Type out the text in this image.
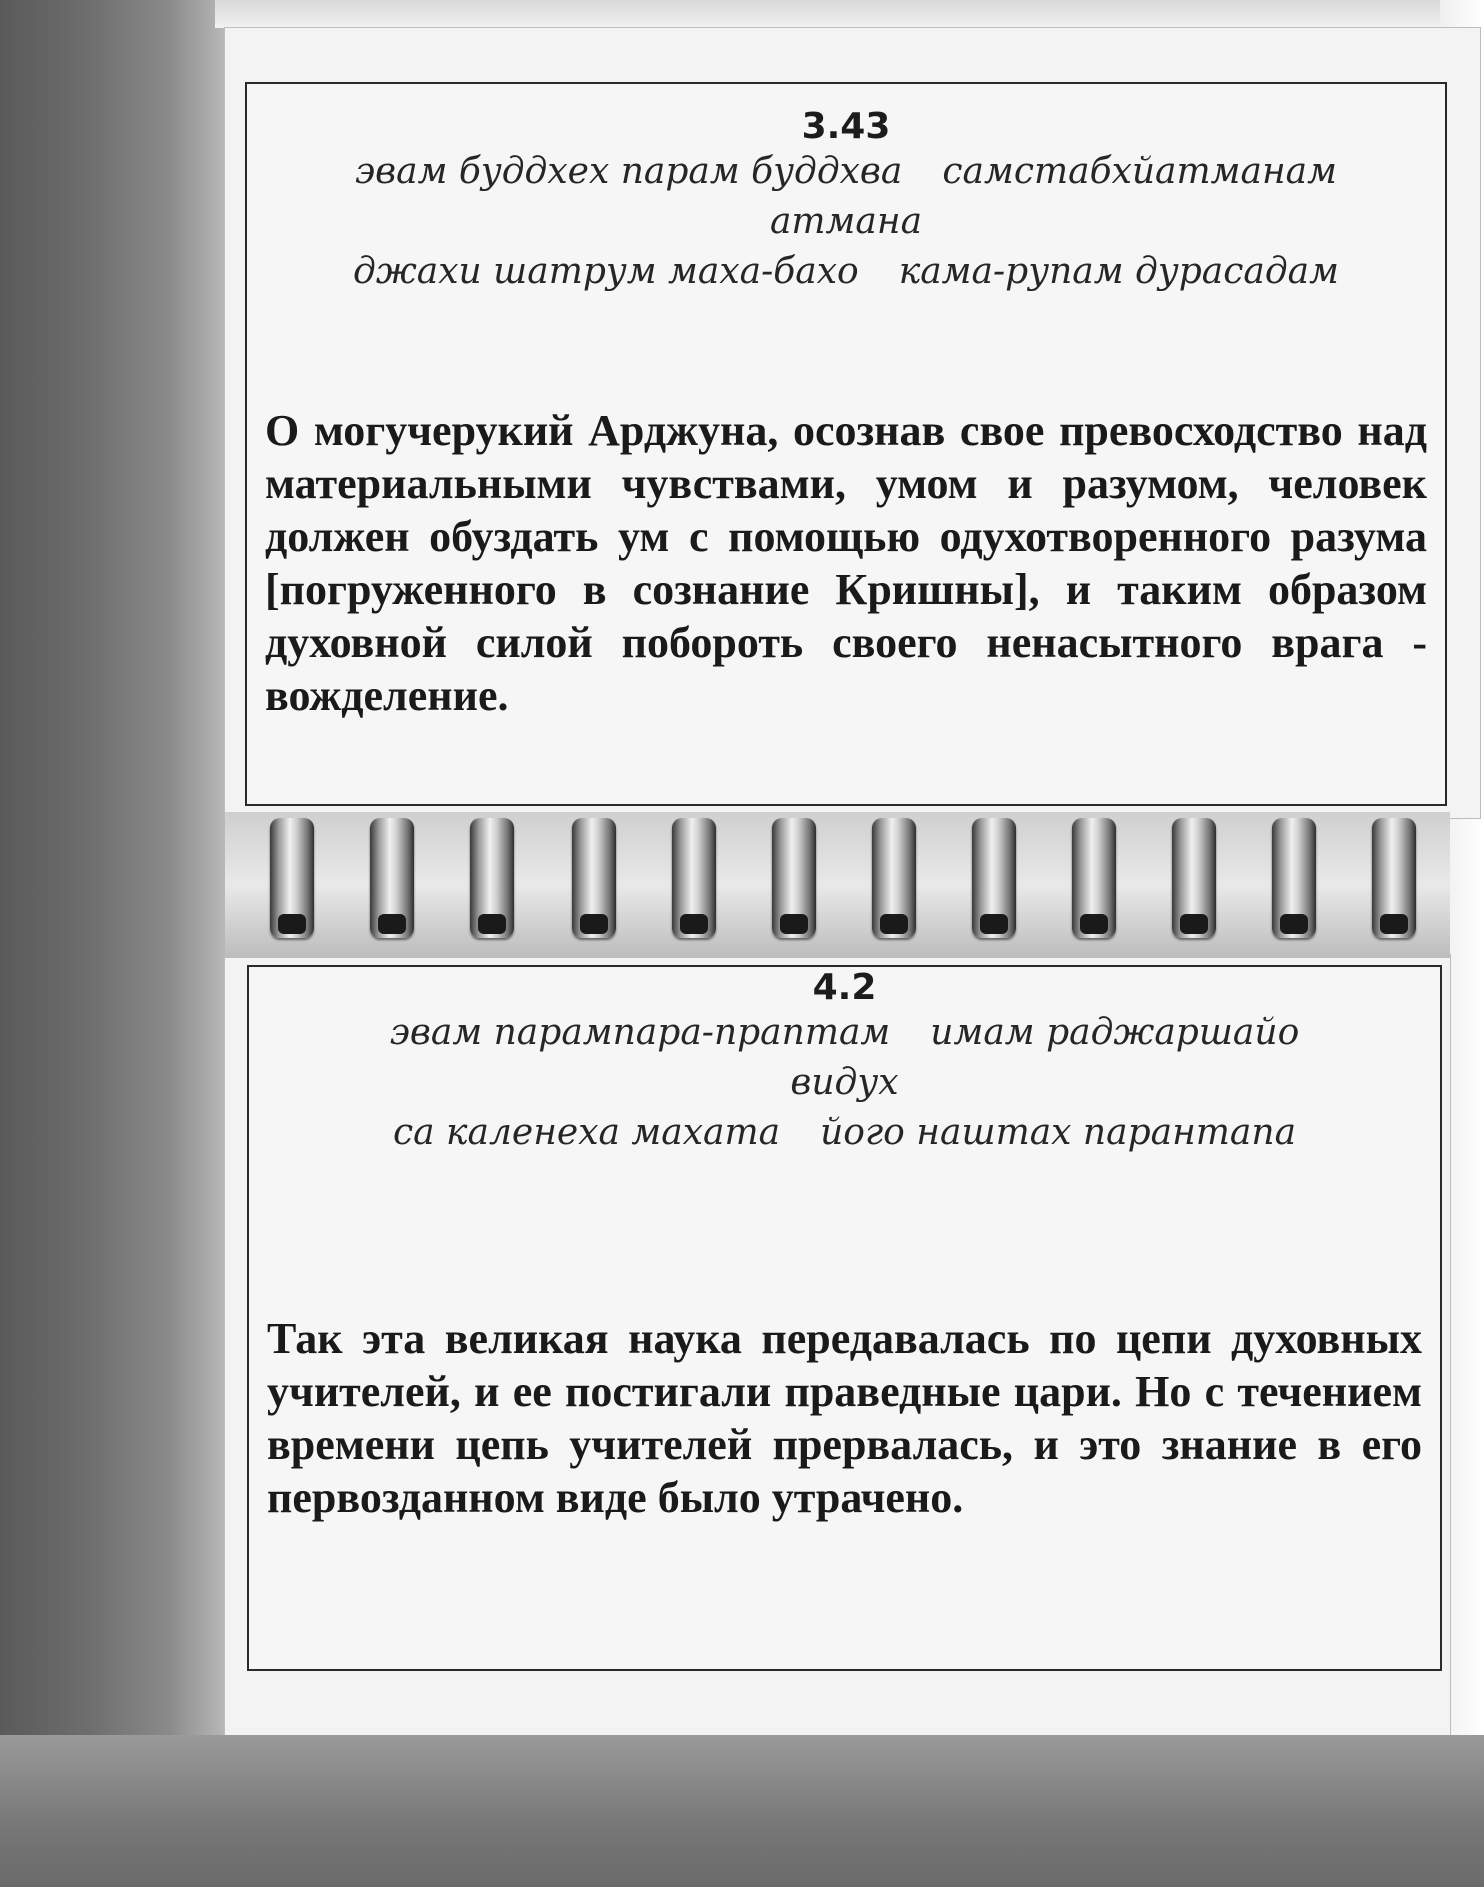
3.43
эвам буддхех парам буддхва самстабхйатманам
атмана
джахи шатрум маха-бахо кама-рупам дурасадам
О могучерукий Арджуна, осознав свое превосходство над материальными чувствами, умом и разумом, человек должен обуздать ум с помощью одухотворенного разума [погруженного в сознание Кришны], и таким образом духовной силой побороть своего ненасытного врага - вожделение.
4.2
эвам парампара-праптам имам раджаршайо
видух
са каленеха махата його наштах парантапа
Так эта великая наука передавалась по цепи духовных учителей, и ее постигали праведные цари. Но с течением времени цепь учителей прервалась, и это знание в его первозданном виде было утрачено.
